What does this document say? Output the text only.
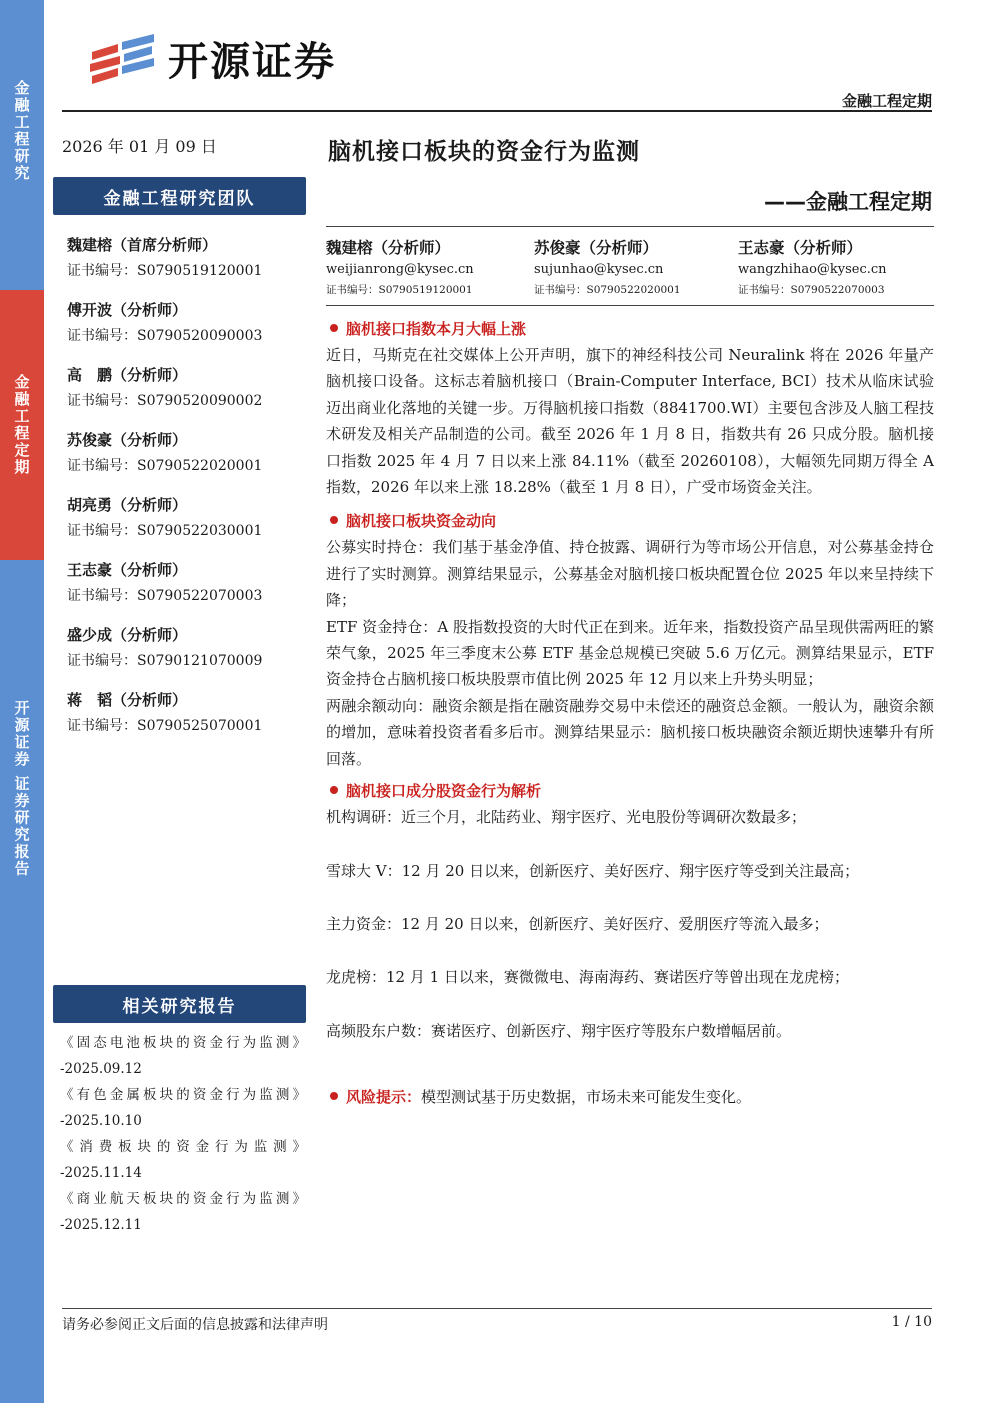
金融工程研究
金融工程定期
开源证券 证券研究报告
开源证券
金融工程定期
2026 年 01 月 09 日
金融工程研究团队
魏建榕（首席分析师）
证书编号：S0790519120001
傅开波（分析师）
证书编号：S0790520090003
高　鹏（分析师）
证书编号：S0790520090002
苏俊豪（分析师）
证书编号：S0790522020001
胡亮勇（分析师）
证书编号：S0790522030001
王志豪（分析师）
证书编号：S0790522070003
盛少成（分析师）
证书编号：S0790121070009
蒋　韬（分析师）
证书编号：S0790525070001
相关研究报告
《固态电池板块的资金行为监测》
-2025.09.12
《有色金属板块的资金行为监测》
-2025.10.10
《消费板块的资金行为监测》
-2025.11.14
《商业航天板块的资金行为监测》
-2025.12.11
脑机接口板块的资金行为监测
——金融工程定期
魏建榕（分析师）
weijianrong@kysec.cn
证书编号：S0790519120001
苏俊豪（分析师）
sujunhao@kysec.cn
证书编号：S0790522020001
王志豪（分析师）
wangzhihao@kysec.cn
证书编号：S0790522070003
脑机接口指数本月大幅上涨
近日，马斯克在社交媒体上公开声明，旗下的神经科技公司 Neuralink 将在 2026 年量产脑机接口设备。这标志着脑机接口（Brain-Computer Interface, BCI）技术从临床试验迈出商业化落地的关键一步。万得脑机接口指数（8841700.WI）主要包含涉及人脑工程技术研发及相关产品制造的公司。截至 2026 年 1 月 8 日，指数共有 26 只成分股。脑机接口指数 2025 年 4 月 7 日以来上涨 84.11%（截至 20260108），大幅领先同期万得全 A 指数，2026 年以来上涨 18.28%（截至 1 月 8 日），广受市场资金关注。
脑机接口板块资金动向
公募实时持仓：我们基于基金净值、持仓披露、调研行为等市场公开信息，对公募基金持仓进行了实时测算。测算结果显示，公募基金对脑机接口板块配置仓位 2025 年以来呈持续下降；
ETF 资金持仓：A 股指数投资的大时代正在到来。近年来，指数投资产品呈现供需两旺的繁荣气象，2025 年三季度末公募 ETF 基金总规模已突破 5.6 万亿元。测算结果显示，ETF 资金持仓占脑机接口板块股票市值比例 2025 年 12 月以来上升势头明显；
两融余额动向：融资余额是指在融资融券交易中未偿还的融资总金额。一般认为，融资余额的增加，意味着投资者看多后市。测算结果显示：脑机接口板块融资余额近期快速攀升有所回落。
脑机接口成分股资金行为解析
机构调研：近三个月，北陆药业、翔宇医疗、光电股份等调研次数最多；
雪球大 V：12 月 20 日以来，创新医疗、美好医疗、翔宇医疗等受到关注最高；
主力资金：12 月 20 日以来，创新医疗、美好医疗、爱朋医疗等流入最多；
龙虎榜：12 月 1 日以来，赛微微电、海南海药、赛诺医疗等曾出现在龙虎榜；
高频股东户数：赛诺医疗、创新医疗、翔宇医疗等股东户数增幅居前。
风险提示：模型测试基于历史数据，市场未来可能发生变化。
请务必参阅正文后面的信息披露和法律声明	1 / 10
